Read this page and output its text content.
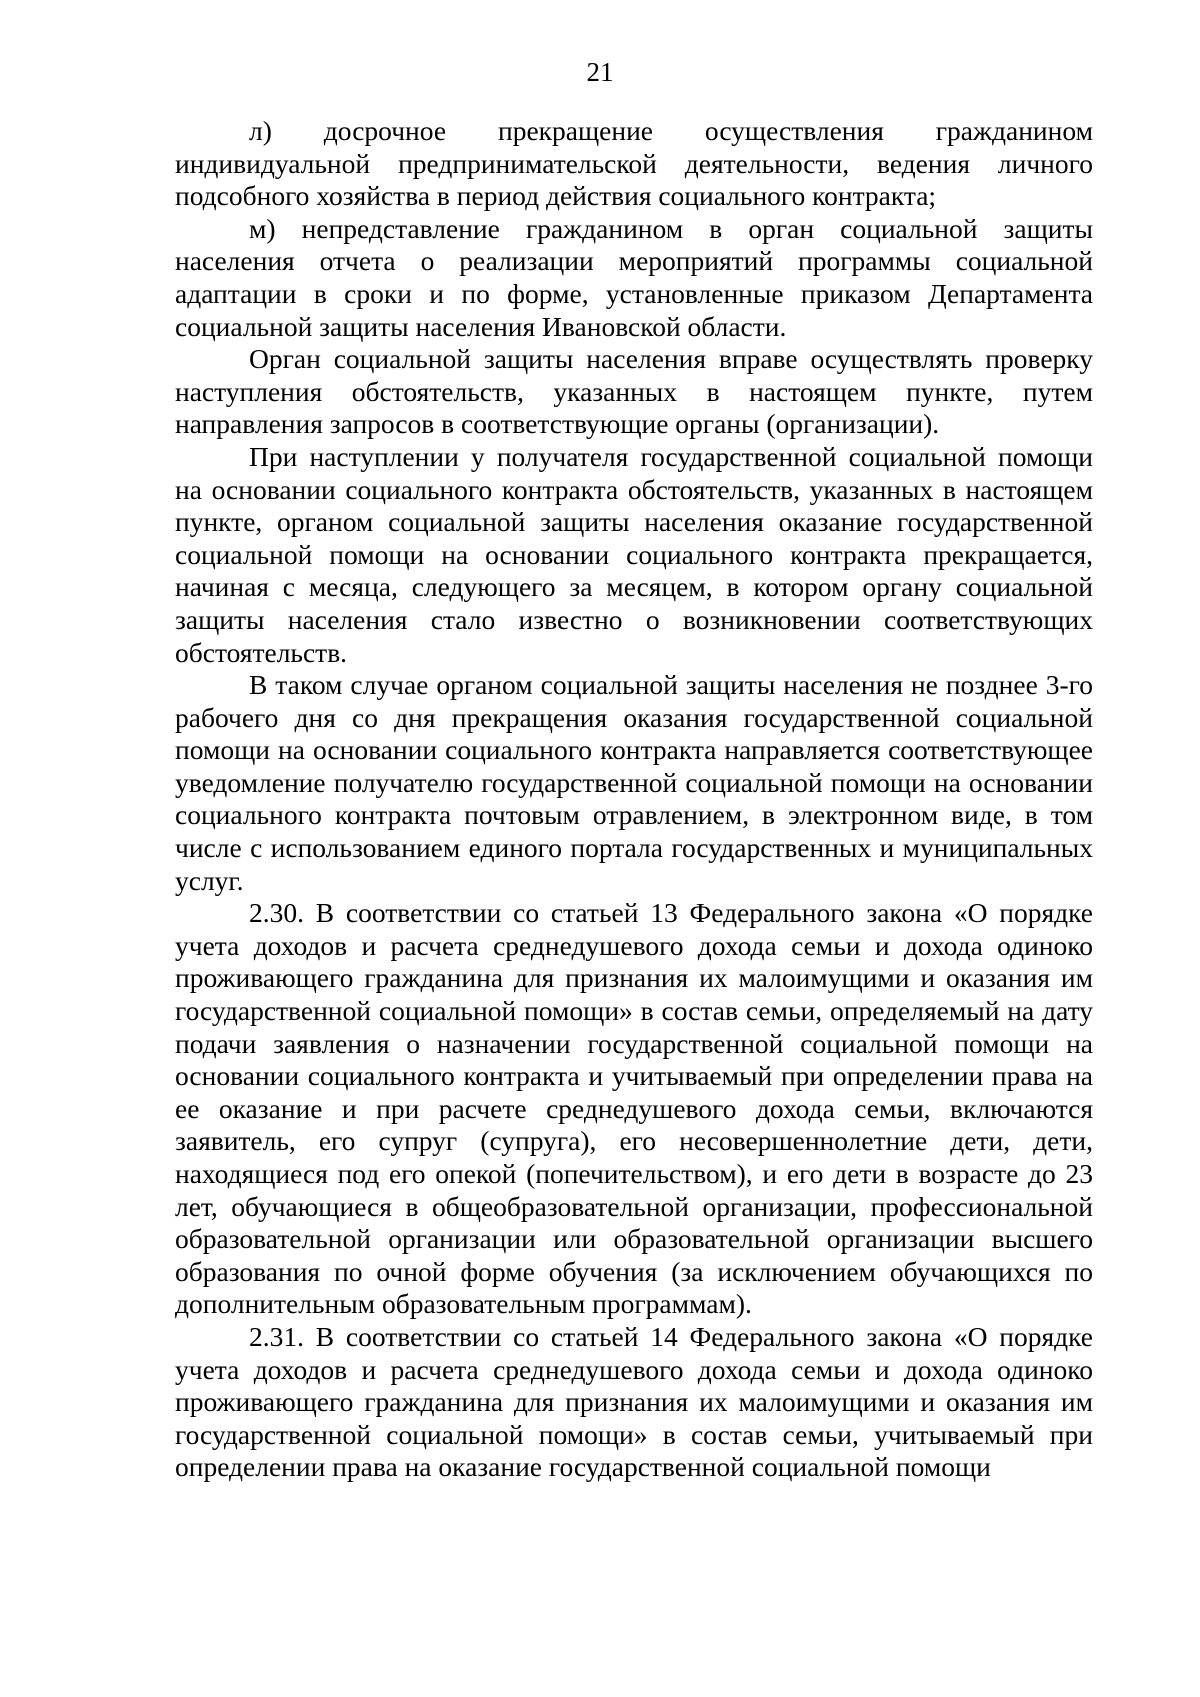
21

л) досрочное прекращение осуществления гражданином индивидуальной предпринимательской деятельности, ведения личного подсобного хозяйства в период действия социального контракта;

м) непредставление гражданином в орган социальной защиты населения отчета о реализации мероприятий программы социальной адаптации в сроки и по форме, установленные приказом Департамента социальной защиты населения Ивановской области.

Орган социальной защиты населения вправе осуществлять проверку наступления обстоятельств, указанных в настоящем пункте, путем направления запросов в соответствующие органы (организации).

При наступлении у получателя государственной социальной помощи на основании социального контракта обстоятельств, указанных в настоящем пункте, органом социальной защиты населения оказание государственной социальной помощи на основании социального контракта прекращается, начиная с месяца, следующего за месяцем, в котором органу социальной защиты населения стало известно о возникновении соответствующих обстоятельств.

В таком случае органом социальной защиты населения не позднее 3-го рабочего дня со дня прекращения оказания государственной социальной помощи на основании социального контракта направляется соответствующее уведомление получателю государственной социальной помощи на основании социального контракта почтовым отравлением, в электронном виде, в том числе с использованием единого портала государственных и муниципальных услуг.

2.30. В соответствии со статьей 13 Федерального закона «О порядке учета доходов и расчета среднедушевого дохода семьи и дохода одиноко проживающего гражданина для признания их малоимущими и оказания им государственной социальной помощи» в состав семьи, определяемый на дату подачи заявления о назначении государственной социальной помощи на основании социального контракта и учитываемый при определении права на ее оказание и при расчете среднедушевого дохода семьи, включаются заявитель, его супруг (супруга), его несовершеннолетние дети, дети, находящиеся под его опекой (попечительством), и его дети в возрасте до 23 лет, обучающиеся в общеобразовательной организации, профессиональной образовательной организации или образовательной организации высшего образования по очной форме обучения (за исключением обучающихся по дополнительным образовательным программам).

2.31. В соответствии со статьей 14 Федерального закона «О порядке учета доходов и расчета среднедушевого дохода семьи и дохода одиноко проживающего гражданина для признания их малоимущими и оказания им государственной социальной помощи» в состав семьи, учитываемый при определении права на оказание государственной социальной помощи
